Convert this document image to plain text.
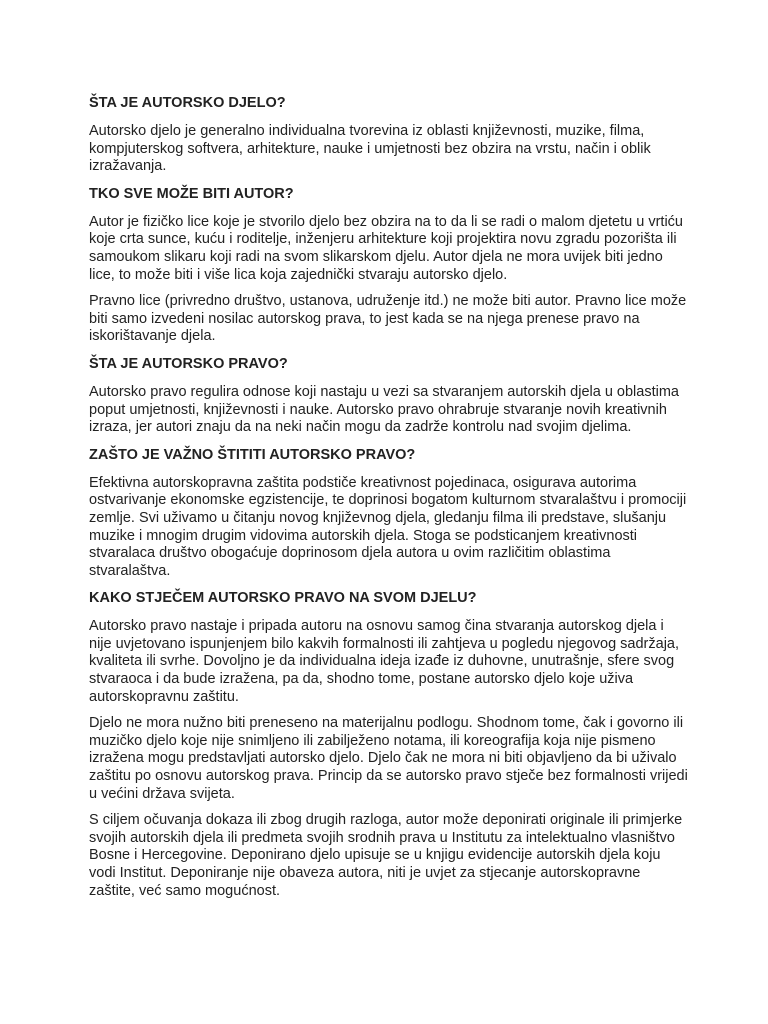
ŠTA JE AUTORSKO DJELO?

Autorsko djelo je generalno individualna tvorevina iz oblasti književnosti, muzike, filma, kompjuterskog softvera, arhitekture, nauke i umjetnosti bez obzira na vrstu, način i oblik izražavanja.

TKO SVE MOŽE BITI AUTOR?

Autor je fizičko lice koje je stvorilo djelo bez obzira na to da li se radi o malom djetetu u vrtiću koje crta sunce, kuću i roditelje, inženjeru arhitekture koji projektira novu zgradu pozorišta ili samoukom slikaru koji radi na svom slikarskom djelu. Autor djela ne mora uvijek biti jedno lice, to može biti i više lica koja zajednički stvaraju autorsko djelo.

Pravno lice (privredno društvo, ustanova, udruženje itd.) ne može biti autor. Pravno lice može biti samo izvedeni nosilac autorskog prava, to jest kada se na njega prenese pravo na iskorištavanje djela.

ŠTA JE AUTORSKO PRAVO?

Autorsko pravo regulira odnose koji nastaju u vezi sa stvaranjem autorskih djela u oblastima poput umjetnosti, književnosti i nauke. Autorsko pravo ohrabruje stvaranje novih kreativnih izraza, jer autori znaju da na neki način mogu da zadrže kontrolu nad svojim djelima.

ZAŠTO JE VAŽNO ŠTITITI AUTORSKO PRAVO?

Efektivna autorskopravna zaštita podstiče kreativnost pojedinaca, osigurava autorima ostvarivanje ekonomske egzistencije, te doprinosi bogatom kulturnom stvaralaštvu i promociji zemlje. Svi uživamo u čitanju novog književnog djela, gledanju filma ili predstave, slušanju muzike i mnogim drugim vidovima autorskih djela. Stoga se podsticanjem kreativnosti stvaralaca društvo obogaćuje doprinosom djela autora u ovim različitim oblastima stvaralaštva.

KAKO STJEČEM AUTORSKO PRAVO NA SVOM DJELU?

Autorsko pravo nastaje i pripada autoru na osnovu samog čina stvaranja autorskog djela i nije uvjetovano ispunjenjem bilo kakvih formalnosti ili zahtjeva u pogledu njegovog sadržaja, kvaliteta ili svrhe. Dovoljno je da individualna ideja izađe iz duhovne, unutrašnje, sfere svog stvaraoca i da bude izražena, pa da, shodno tome, postane autorsko djelo koje uživa autorskopravnu zaštitu.

Djelo ne mora nužno biti preneseno na materijalnu podlogu. Shodnom tome, čak i govorno ili muzičko djelo koje nije snimljeno ili zabilježeno notama, ili koreografija koja nije pismeno izražena mogu predstavljati autorsko djelo. Djelo čak ne mora ni biti objavljeno da bi uživalo zaštitu po osnovu autorskog prava. Princip da se autorsko pravo stječe bez formalnosti vrijedi u većini država svijeta.

S ciljem očuvanja dokaza ili zbog drugih razloga, autor može deponirati originale ili primjerke svojih autorskih djela ili predmeta svojih srodnih prava u Institutu za intelektualno vlasništvo Bosne i Hercegovine. Deponirano djelo upisuje se u knjigu evidencije autorskih djela koju vodi Institut. Deponiranje nije obaveza autora, niti je uvjet za stjecanje autorskopravne zaštite, već samo mogućnost.
